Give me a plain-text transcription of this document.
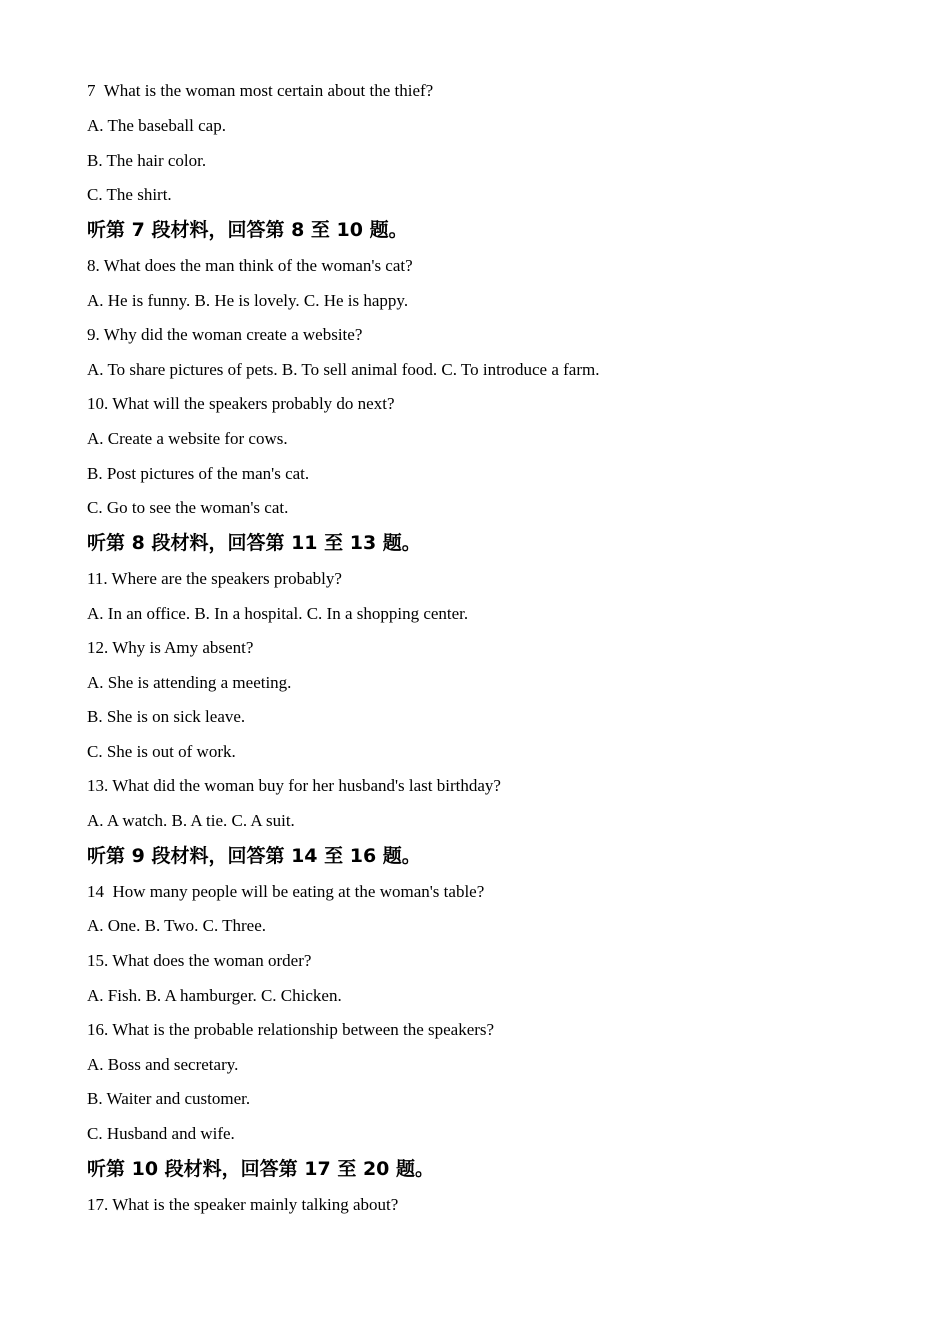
7  What is the woman most certain about the thief?
A. The baseball cap.
B. The hair color.
C. The shirt.
听第 7 段材料，回答第 8 至 10 题。
8. What does the man think of the woman's cat?
A. He is funny. B. He is lovely. C. He is happy.
9. Why did the woman create a website?
A. To share pictures of pets. B. To sell animal food. C. To introduce a farm.
10. What will the speakers probably do next?
A. Create a website for cows.
B. Post pictures of the man's cat.
C. Go to see the woman's cat.
听第 8 段材料，回答第 11 至 13 题。
11. Where are the speakers probably?
A. In an office. B. In a hospital. C. In a shopping center.
12. Why is Amy absent?
A. She is attending a meeting.
B. She is on sick leave.
C. She is out of work.
13. What did the woman buy for her husband's last birthday?
A. A watch. B. A tie. C. A suit.
听第 9 段材料，回答第 14 至 16 题。
14  How many people will be eating at the woman's table?
A. One. B. Two. C. Three.
15. What does the woman order?
A. Fish. B. A hamburger. C. Chicken.
16. What is the probable relationship between the speakers?
A. Boss and secretary.
B. Waiter and customer.
C. Husband and wife.
听第 10 段材料，回答第 17 至 20 题。
17. What is the speaker mainly talking about?
